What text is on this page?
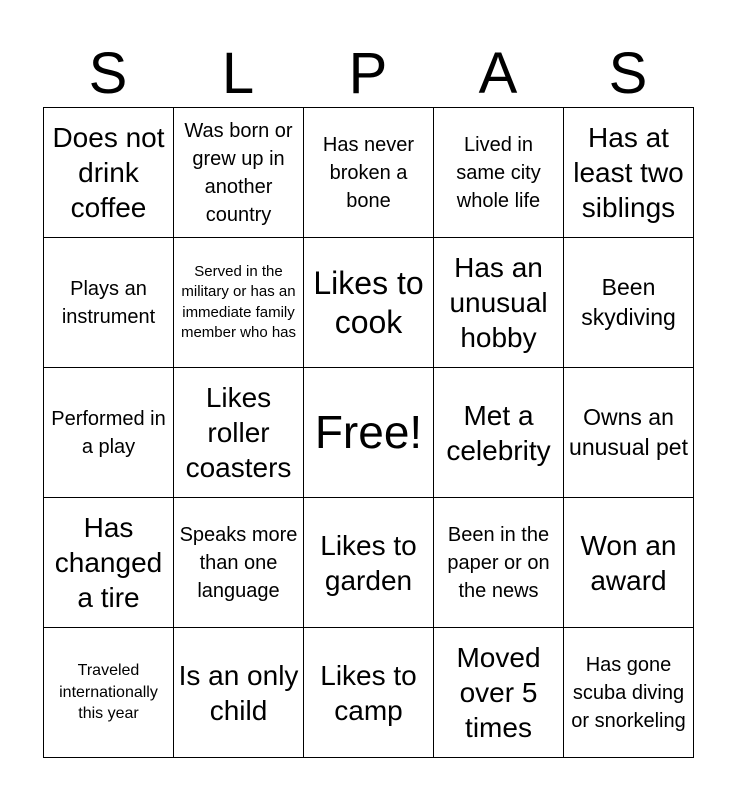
S	L	P	A	S
Does not drink coffee	Was born or grew up in another country	Has never broken a bone	Lived in same city whole life	Has at least two siblings
Plays an instrument	Served in the military or has an immediate family member who has	Likes to cook	Has an unusual hobby	Been skydiving
Performed in a play	Likes roller coasters	Free!	Met a celebrity	Owns an unusual pet
Has changed a tire	Speaks more than one language	Likes to garden	Been in the paper or on the news	Won an award
Traveled internationally this year	Is an only child	Likes to camp	Moved over 5 times	Has gone scuba diving or snorkeling
